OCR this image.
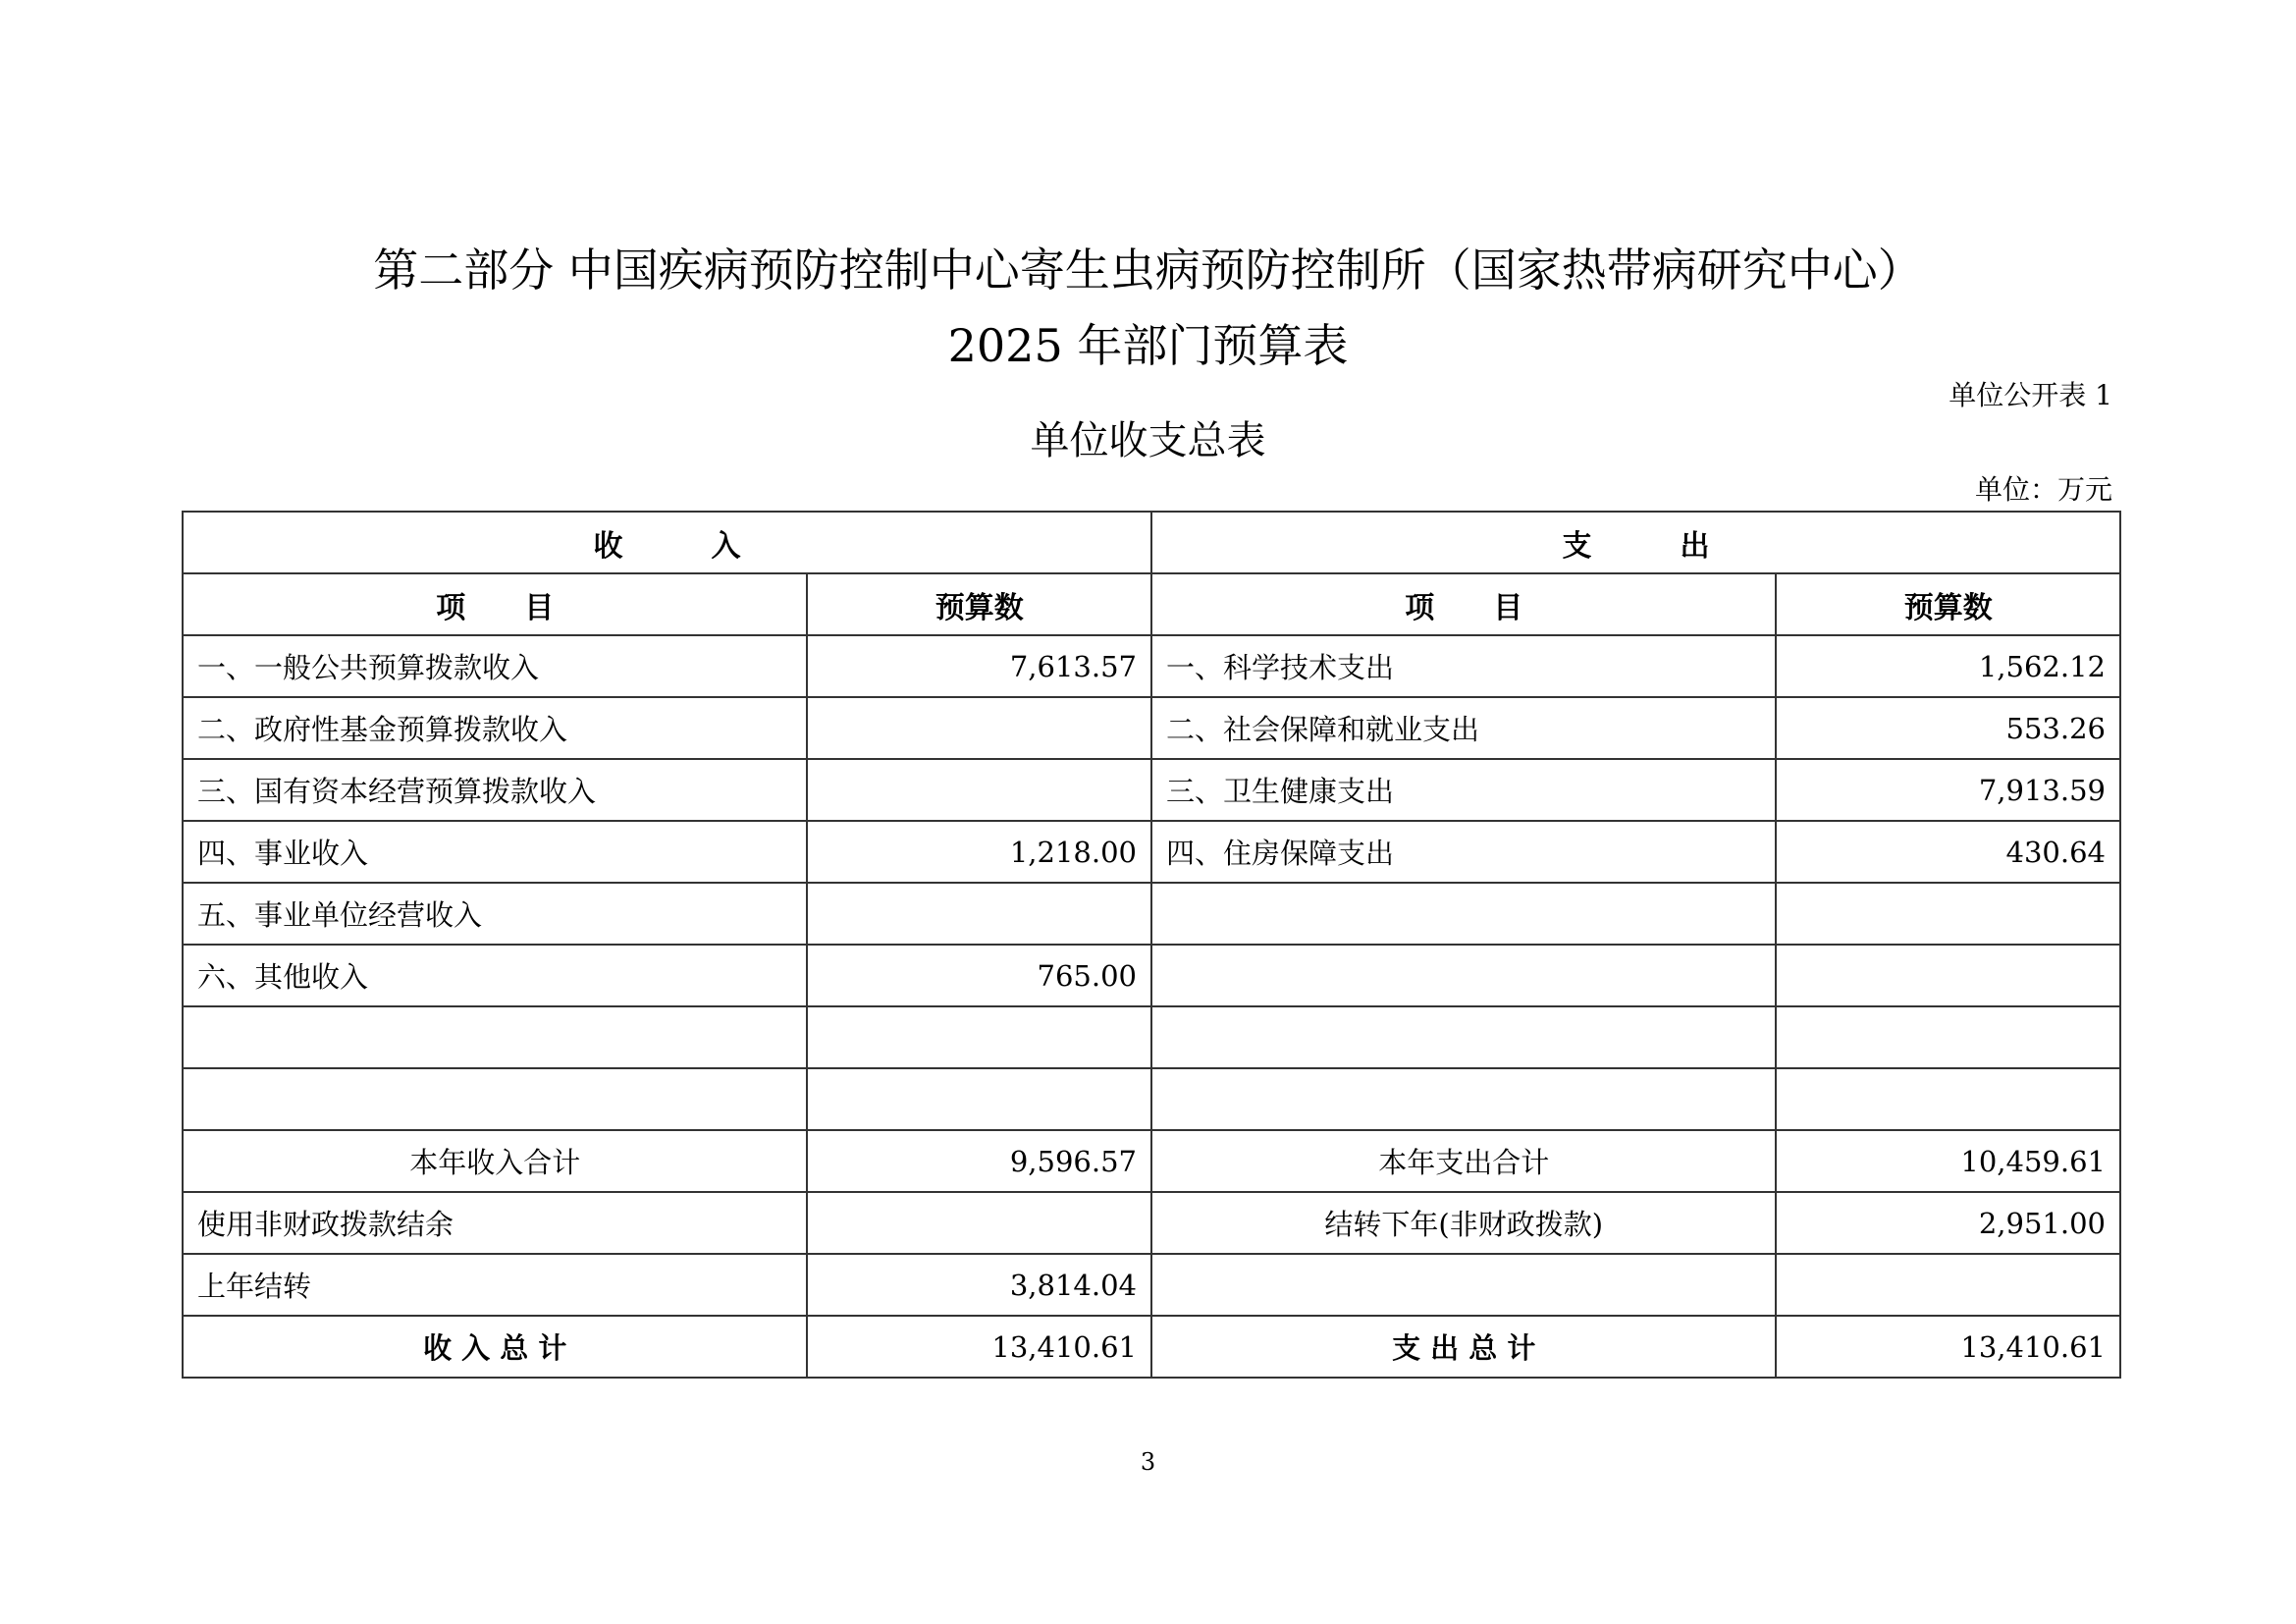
第二部分 中国疾病预防控制中心寄生虫病预防控制所（国家热带病研究中心）
2025 年部门预算表
单位公开表 1
单位收支总表
单位：万元
收　　　入		支　　　出	
项　　目	预算数	项　　目	预算数
一、一般公共预算拨款收入	7,613.57	一、科学技术支出	1,562.12
二、政府性基金预算拨款收入		二、社会保障和就业支出	553.26
三、国有资本经营预算拨款收入		三、卫生健康支出	7,913.59
四、事业收入	1,218.00	四、住房保障支出	430.64
五、事业单位经营收入			
六、其他收入	765.00		

本年收入合计	9,596.57	本年支出合计	10,459.61
使用非财政拨款结余		结转下年(非财政拨款)	2,951.00
上年结转	3,814.04		
收 入 总 计	13,410.61	支 出 总 计	13,410.61
3
